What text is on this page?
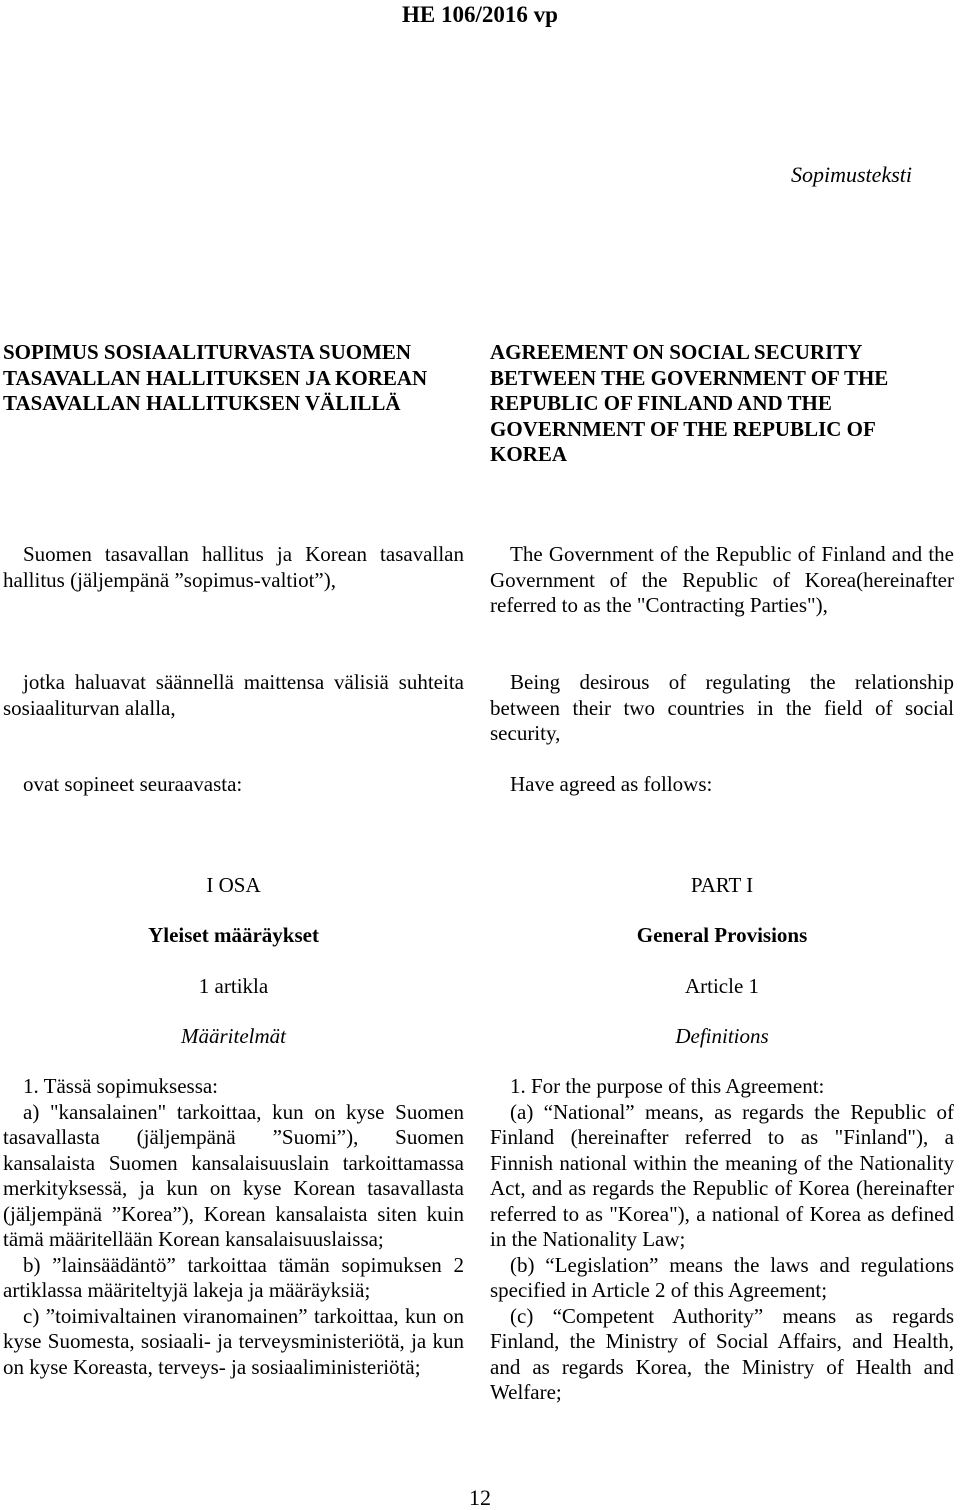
HE 106/2016 vp
Sopimusteksti
SOPIMUS SOSIAALITURVASTA SUOMEN TASAVALLAN HALLITUKSEN JA KOREAN TASAVALLAN HALLITUKSEN VÄLILLÄ

Suomen tasavallan hallitus ja Korean tasavallan hallitus (jäljempänä ”sopimus-valtiot”),

jotka haluavat säännellä maittensa välisiä suhteita sosiaaliturvan alalla,

ovat sopineet seuraavasta:

I OSA
Yleiset määräykset
1 artikla
Määritelmät

1. Tässä sopimuksessa:

a) "kansalainen" tarkoittaa, kun on kyse Suomen tasavallasta (jäljempänä ”Suomi”), Suomen kansalaista Suomen kansalaisuuslain tarkoittamassa merkityksessä, ja kun on kyse Korean tasavallasta (jäljempänä ”Korea”), Korean kansalaista siten kuin tämä määritellään Korean kansalaisuuslaissa;

b) ”lainsäädäntö” tarkoittaa tämän sopimuksen 2 artiklassa määriteltyjä lakeja ja määräyksiä;

c) ”toimivaltainen viranomainen” tarkoittaa, kun on kyse Suomesta, sosiaali- ja terveysministeriötä, ja kun on kyse Koreasta, terveys- ja sosiaaliministeriötä;

AGREEMENT ON SOCIAL SECURITY BETWEEN THE GOVERNMENT OF THE REPUBLIC OF FINLAND AND THE GOVERNMENT OF THE REPUBLIC OF KOREA

The Government of the Republic of Finland and the Government of the Republic of Korea(hereinafter referred to as the "Contracting Parties"),

Being desirous of regulating the relationship between their two countries in the field of social security,

Have agreed as follows:

PART I
General Provisions
Article 1
Definitions

1. For the purpose of this Agreement:

(a) “National” means, as regards the Republic of Finland (hereinafter referred to as "Finland"), a Finnish national within the meaning of the Nationality Act, and as regards the Republic of Korea (hereinafter referred to as "Korea"), a national of Korea as defined in the Nationality Law;

(b) “Legislation” means the laws and regulations specified in Article 2 of this Agreement;

(c) “Competent Authority” means as regards Finland, the Ministry of Social Affairs, and Health, and as regards Korea, the Ministry of Health and Welfare;

12
